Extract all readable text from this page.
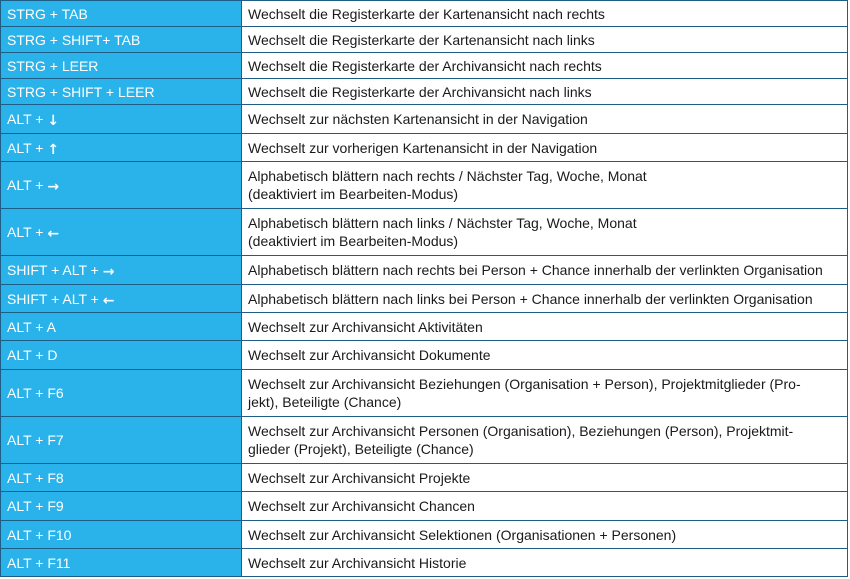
STRG + TAB	Wechselt die Registerkarte der Kartenansicht nach rechts

STRG + SHIFT+ TAB	Wechselt die Registerkarte der Kartenansicht nach links

STRG + LEER	Wechselt die Registerkarte der Archivansicht nach rechts

STRG + SHIFT + LEER	Wechselt die Registerkarte der Archivansicht nach links

ALT + ↓	Wechselt zur nächsten Kartenansicht in der Navigation

ALT + ↑	Wechselt zur vorherigen Kartenansicht in der Navigation

ALT + →	Alphabetisch blättern nach rechts / Nächster Tag, Woche, Monat
(deaktiviert im Bearbeiten-Modus)

ALT + ←	Alphabetisch blättern nach links / Nächster Tag, Woche, Monat
(deaktiviert im Bearbeiten-Modus)

SHIFT + ALT + →	Alphabetisch blättern nach rechts bei Person + Chance innerhalb der verlinkten Organisation

SHIFT + ALT + ←	Alphabetisch blättern nach links bei Person + Chance innerhalb der verlinkten Organisation

ALT + A	Wechselt zur Archivansicht Aktivitäten

ALT + D	Wechselt zur Archivansicht Dokumente

ALT + F6	Wechselt zur Archivansicht Beziehungen (Organisation + Person), Projektmitglieder (Pro-
jekt), Beteiligte (Chance)

ALT + F7	Wechselt zur Archivansicht Personen (Organisation), Beziehungen (Person), Projektmit-
glieder (Projekt), Beteiligte (Chance)

ALT + F8	Wechselt zur Archivansicht Projekte

ALT + F9	Wechselt zur Archivansicht Chancen

ALT + F10	Wechselt zur Archivansicht Selektionen (Organisationen + Personen)

ALT + F11	Wechselt zur Archivansicht Historie
